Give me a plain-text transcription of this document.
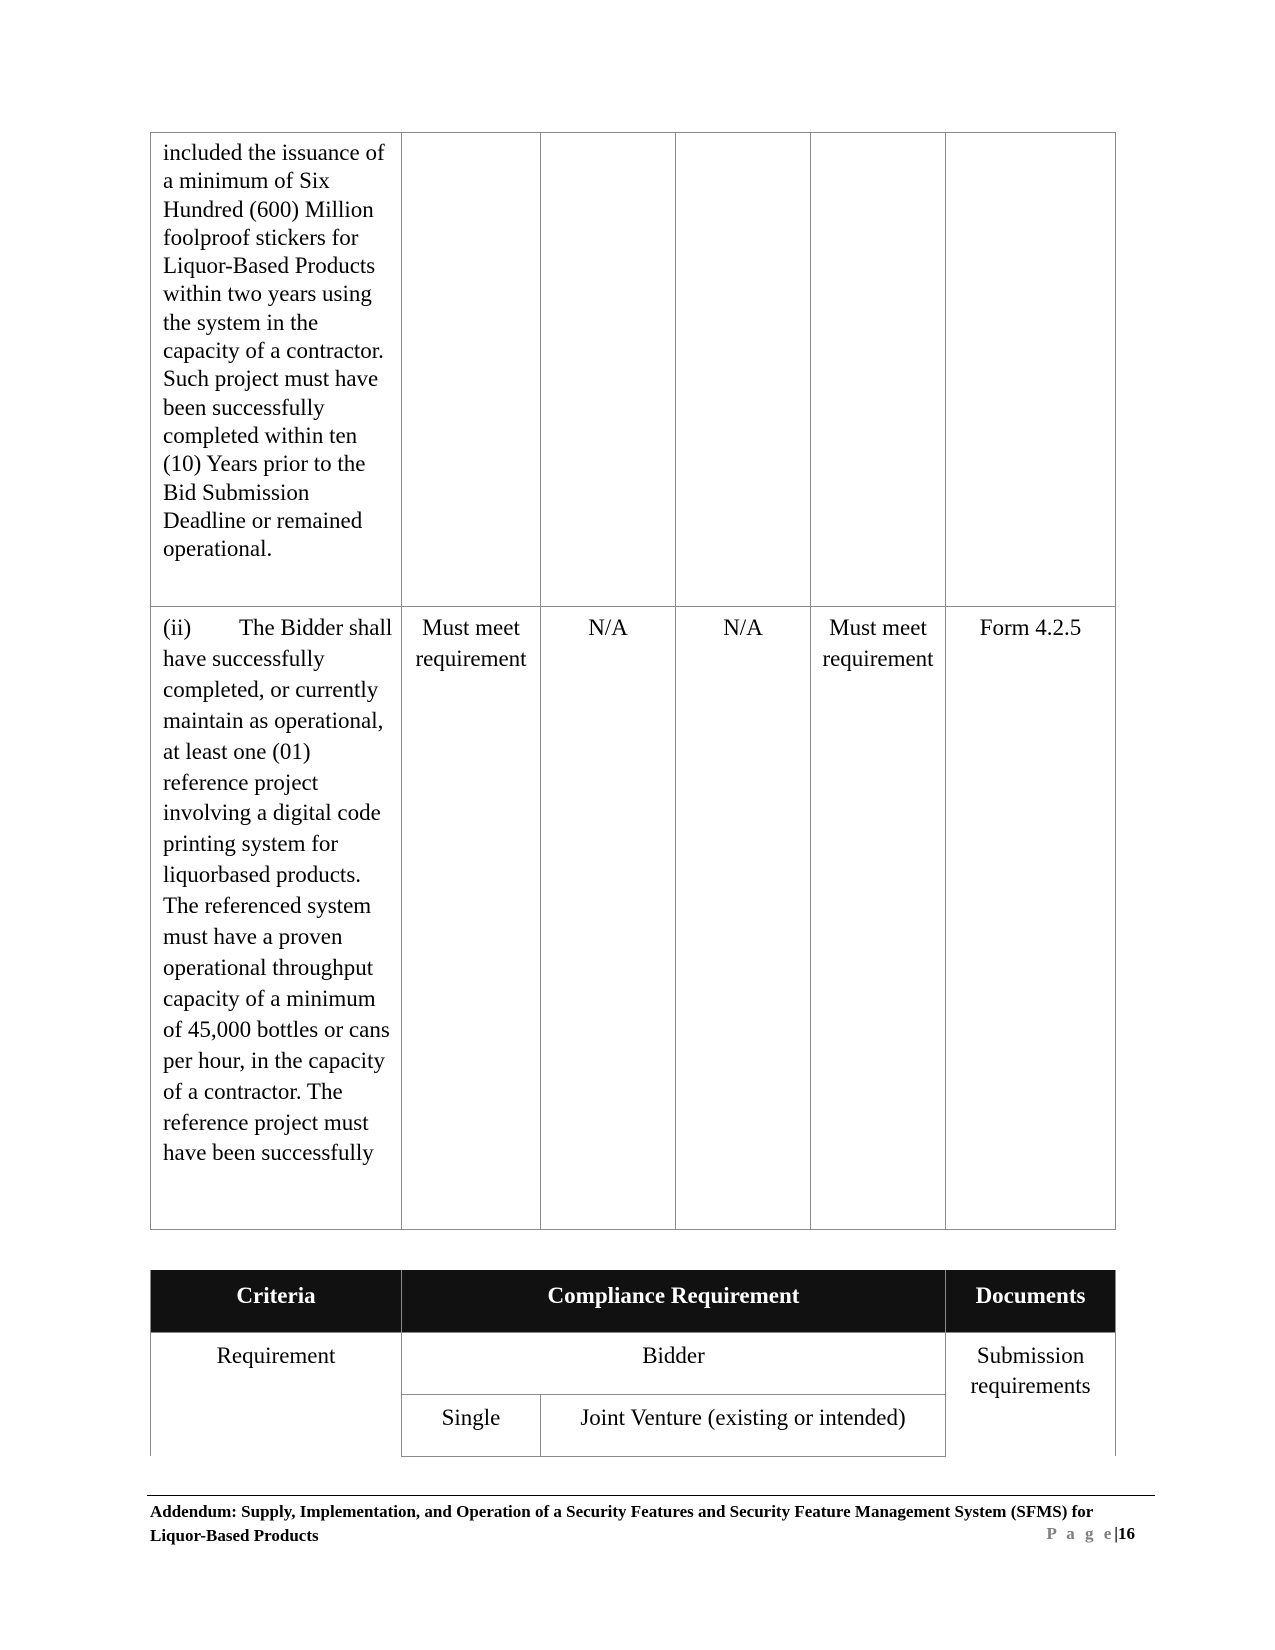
included the issuance of a minimum of Six Hundred (600) Million foolproof stickers for Liquor-Based Products within two years using the system in the capacity of a contractor. Such project must have been successfully completed within ten (10) Years prior to the Bid Submission Deadline or remained operational.					

(ii) The Bidder shall have successfully completed, or currently maintain as operational, at least one (01) reference project involving a digital code printing system for liquorbased products. The referenced system must have a proven operational throughput capacity of a minimum of 45,000 bottles or cans per hour, in the capacity of a contractor. The reference project must have been successfully	Must meet requirement	N/A	N/A	Must meet requirement	Form 4.2.5
Criteria	Compliance Requirement		Documents
Requirement	Bidder		Submission requirements
	Single	Joint Venture (existing or intended)	
Addendum: Supply, Implementation, and Operation of a Security Features and Security Feature Management System (SFMS) for Liquor-Based Products	P a g e|16
